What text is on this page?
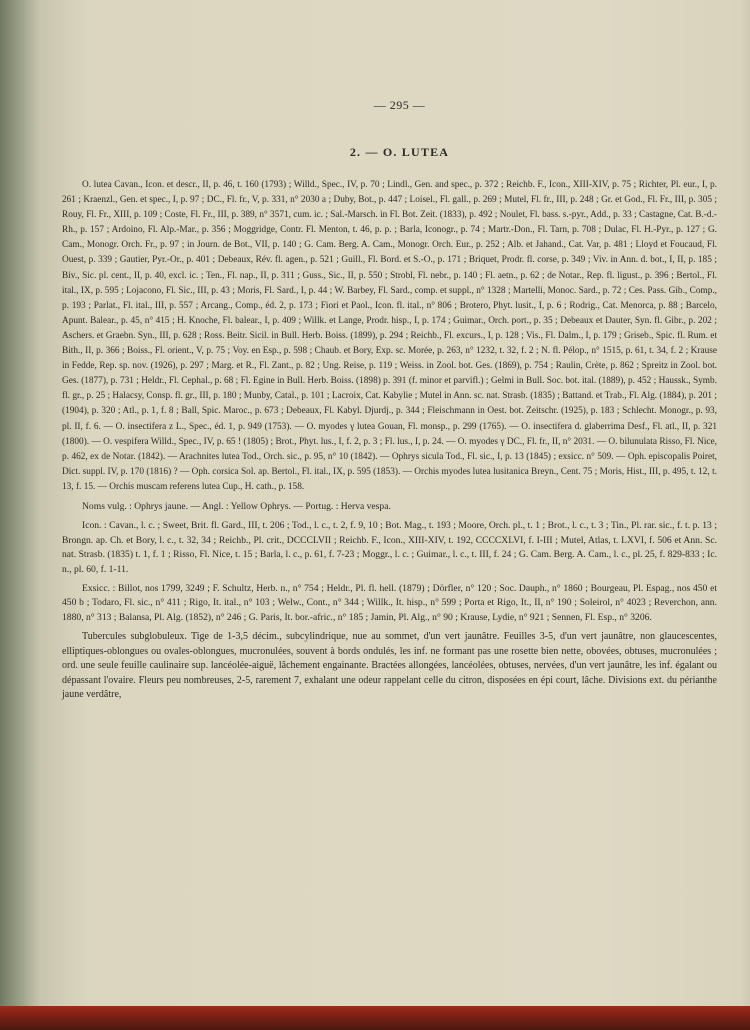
— 295 —
2. — O. LUTEA

O. lutea Cavan., Icon. et descr., II, p. 46, t. 160 (1793) ; Willd., Spec., IV, p. 70 ; Lindl., Gen. and spec., p. 372 ; Reichb. F., Icon., XIII-XIV, p. 75 ; Richter, Pl. eur., I, p. 261 ; Kraenzl., Gen. et spec., I, p. 97 ; DC., Fl. fr., V, p. 331, n° 2030 a ; Duby, Bot., p. 447 ; Loisel., Fl. gall., p. 269 ; Mutel, Fl. fr., III, p. 248 ; Gr. et God., Fl. Fr., III, p. 305 ; Rouy, Fl. Fr., XIII, p. 109 ; Coste, Fl. Fr., III, p. 389, n° 3571, cum. ic. ; Sal.-Marsch. in Fl. Bot. Zeit. (1833), p. 492 ; Noulet, Fl. bass. s.-pyr., Add., p. 33 ; Castagne, Cat. B.-d.-Rh., p. 157 ; Ardoino, Fl. Alp.-Mar., p. 356 ; Moggridge, Contr. Fl. Menton, t. 46, p. p. ; Barla, Iconogr., p. 74 ; Martr.-Don., Fl. Tarn, p. 708 ; Dulac, Fl. H.-Pyr., p. 127 ; G. Cam., Monogr. Orch. Fr., p. 97 ; in Journ. de Bot., VII, p. 140 ; G. Cam. Berg. A. Cam., Monogr. Orch. Eur., p. 252 ; Alb. et Jahand., Cat. Var, p. 481 ; Lloyd et Foucaud, Fl. Ouest, p. 339 ; Gautier, Pyr.-Or., p. 401 ; Debeaux, Rév. fl. agen., p. 521 ; Guill., Fl. Bord. et S.-O., p. 171 ; Briquet, Prodr. fl. corse, p. 349 ; Viv. in Ann. d. bot., I, II, p. 185 ; Biv., Sic. pl. cent., II, p. 40, excl. ic. ; Ten., Fl. nap., II, p. 311 ; Guss., Sic., II, p. 550 ; Strobl, Fl. nebr., p. 140 ; Fl. aetn., p. 62 ; de Notar., Rep. fl. ligust., p. 396 ; Bertol., Fl. ital., IX, p. 595 ; Lojacono, Fl. Sic., III, p. 43 ; Moris, Fl. Sard., I, p. 44 ; W. Barbey, Fl. Sard., comp. et suppl., n° 1328 ; Martelli, Monoc. Sard., p. 72 ; Ces. Pass. Gib., Comp., p. 193 ; Parlat., Fl. ital., III, p. 557 ; Arcang., Comp., éd. 2, p. 173 ; Fiori et Paol., Icon. fl. ital., n° 806 ; Brotero, Phyt. lusit., I, p. 6 ; Rodrig., Cat. Menorca, p. 88 ; Barcelo, Apunt. Balear., p. 45, n° 415 ; H. Knoche, Fl. balear., I, p. 409 ; Willk. et Lange, Prodr. hisp., I, p. 174 ; Guimar., Orch. port., p. 35 ; Debeaux et Dauter, Syn. fl. Gibr., p. 202 ; Aschers. et Graebn. Syn., III, p. 628 ; Ross. Beitr. Sicil. in Bull. Herb. Boiss. (1899), p. 294 ; Reichb., Fl. excurs., I, p. 128 ; Vis., Fl. Dalm., I, p. 179 ; Griseb., Spic. fl. Rum. et Bith., II, p. 366 ; Boiss., Fl. orient., V, p. 75 ; Voy. en Esp., p. 598 ; Chaub. et Bory, Exp. sc. Morée, p. 263, n° 1232, t. 32, f. 2 ; N. fl. Pélop., n° 1515, p. 61, t. 34, f. 2 ; Krause in Fedde, Rep. sp. nov. (1926), p. 297 ; Marg. et R., Fl. Zant., p. 82 ; Ung. Reise, p. 119 ; Weiss. in Zool. bot. Ges. (1869), p. 754 ; Raulin, Crète, p. 862 ; Spreitz in Zool. bot. Ges. (1877), p. 731 ; Heldr., Fl. Cephal., p. 68 ; Fl. Egine in Bull. Herb. Boiss. (1898) p. 391 (f. minor et parvifl.) ; Gelmi in Bull. Soc. bot. ital. (1889), p. 452 ; Haussk., Symb. fl. gr., p. 25 ; Halacsy, Consp. fl. gr., III, p. 180 ; Munby, Catal., p. 101 ; Lacroix, Cat. Kabylie ; Mutel in Ann. sc. nat. Strasb. (1835) ; Battand. et Trab., Fl. Alg. (1884), p. 201 ; (1904), p. 320 ; Atl., p. 1, f. 8 ; Ball, Spic. Maroc., p. 673 ; Debeaux, Fl. Kabyl. Djurdj., p. 344 ; Fleischmann in Oest. bot. Zeitschr. (1925), p. 183 ; Schlecht. Monogr., p. 93, pl. II, f. 6. — O. insectifera z L., Spec., éd. 1, p. 949 (1753). — O. myodes γ lutea Gouan, Fl. monsp., p. 299 (1765). — O. insectifera d. glaberrima Desf., Fl. atl., II, p. 321 (1800). — O. vespifera Willd., Spec., IV, p. 65 ! (1805) ; Brot., Phyt. lus., I, f. 2, p. 3 ; Fl. lus., I, p. 24. — O. myodes γ DC., Fl. fr., II, n° 2031. — O. bilunulata Risso, Fl. Nice, p. 462, ex de Notar. (1842). — Arachnites lutea Tod., Orch. sic., p. 95, n° 10 (1842). — Ophrys sicula Tod., Fl. sic., I, p. 13 (1845) ; exsicc. n° 509. — Oph. episcopalis Poiret, Dict. suppl. IV, p. 170 (1816) ? — Oph. corsica Sol. ap. Bertol., Fl. ital., IX, p. 595 (1853). — Orchis myodes lutea lusitanica Breyn., Cent. 75 ; Moris, Hist., III, p. 495, t. 12, t. 13, f. 15. — Orchis muscam referens lutea Cup., H. cath., p. 158.

Noms vulg. : Ophrys jaune. — Angl. : Yellow Ophrys. — Portug. : Herva vespa.

Icon. : Cavan., l. c. ; Sweet, Brit. fl. Gard., III, t. 206 ; Tod., l. c., t. 2, f. 9, 10 ; Bot. Mag., t. 193 ; Moore, Orch. pl., t. 1 ; Brot., l. c., t. 3 ; Tin., Pl. rar. sic., f. t. p. 13 ; Brongn. ap. Ch. et Bory, l. c., t. 32, 34 ; Reichb., Pl. crit., DCCCLVII ; Reichb. F., Icon., XIII-XIV, t. 192, CCCCXLVI, f. I-III ; Mutel, Atlas, t. LXVI, f. 506 et Ann. Sc. nat. Strasb. (1835) t. 1, f. 1 ; Risso, Fl. Nice, t. 15 ; Barla, l. c., p. 61, f. 7-23 ; Moggr., l. c. ; Guimar., l. c., t. III, f. 24 ; G. Cam. Berg. A. Cam., l. c., pl. 25, f. 829-833 ; Ic. n., pl. 60, f. 1-11.

Exsicc. : Billot, nos 1799, 3249 ; F. Schultz, Herb. n., n° 754 ; Heldr., Pl. fl. hell. (1879) ; Dörfler, n° 120 ; Soc. Dauph., n° 1860 ; Bourgeau, Pl. Espag., nos 450 et 450 b ; Todaro, Fl. sic., n° 411 ; Rigo, It. ital., n° 103 ; Welw., Cont., n° 344 ; Willk., It. hisp., n° 599 ; Porta et Rigo, It., II, n° 190 ; Soleirol, n° 4023 ; Reverchon, ann. 1880, n° 313 ; Balansa, Pl. Alg. (1852), n° 246 ; G. Paris, It. bor.-afric., n° 185 ; Jamin, Pl. Alg., n° 90 ; Krause, Lydie, n° 921 ; Sennen, Fl. Esp., n° 3206.

Tubercules subglobuleux. Tige de 1-3,5 décim., subcylindrique, nue au sommet, d'un vert jaunâtre. Feuilles 3-5, d'un vert jaunâtre, non glaucescentes, elliptiques-oblongues ou ovales-oblongues, mucronulées, souvent à bords ondulés, les inf. ne formant pas une rosette bien nette, obovées, obtuses, mucronulées ; ord. une seule feuille caulinaire sup. lancéolée-aiguë, lâchement engainante. Bractées allongées, lancéolées, obtuses, nervées, d'un vert jaunâtre, les inf. égalant ou dépassant l'ovaire. Fleurs peu nombreuses, 2-5, rarement 7, exhalant une odeur rappelant celle du citron, disposées en épi court, lâche. Divisions ext. du périanthe jaune verdâtre,
